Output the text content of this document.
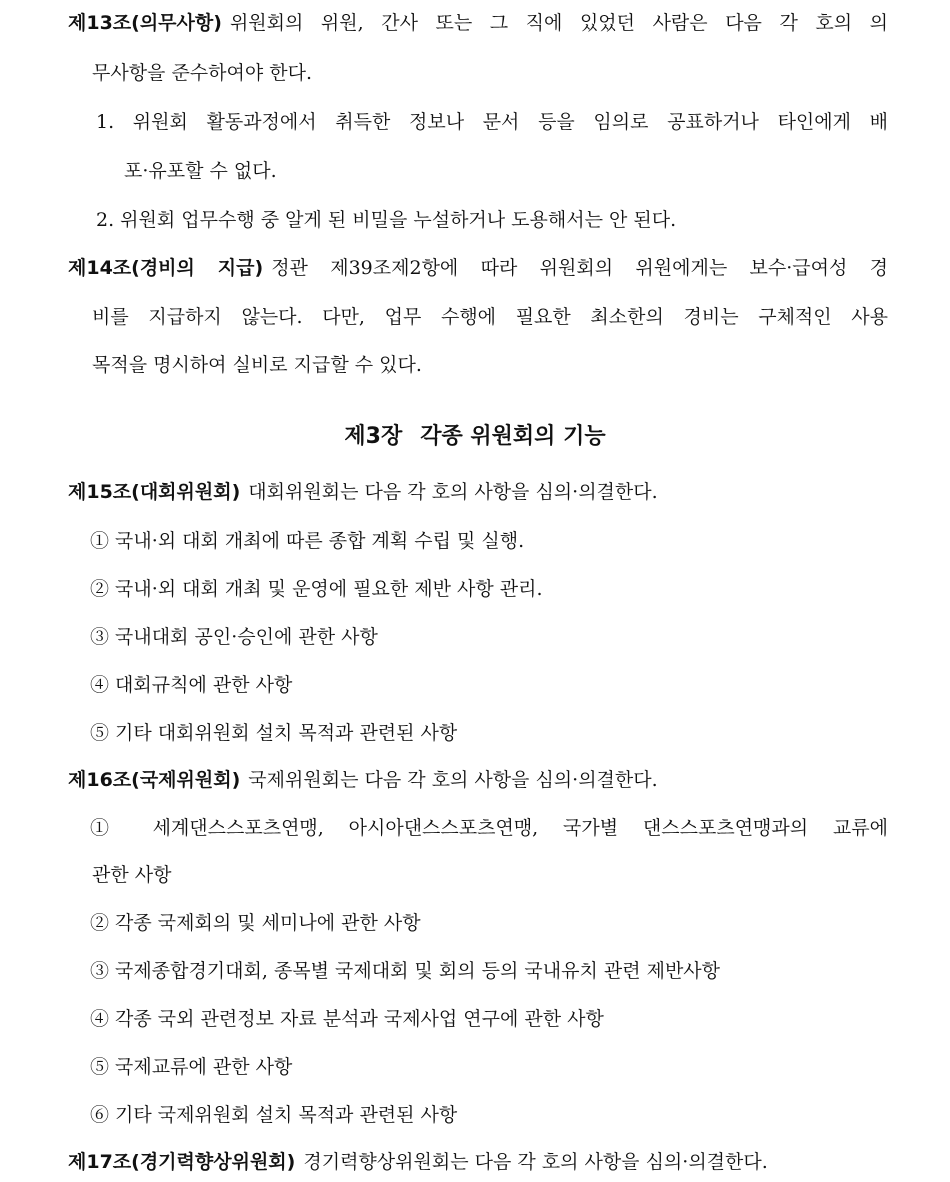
제13조(의무사항) 위원회의 위원, 간사 또는 그 직에 있었던 사람은 다음 각 호의 의
무사항을 준수하여야 한다.
1. 위원회 활동과정에서 취득한 정보나 문서 등을 임의로 공표하거나 타인에게 배
포·유포할 수 없다.
2. 위원회 업무수행 중 알게 된 비밀을 누설하거나 도용해서는 안 된다.
제14조(경비의 지급) 정관 제39조제2항에 따라 위원회의 위원에게는 보수·급여성 경
비를 지급하지 않는다. 다만, 업무 수행에 필요한 최소한의 경비는 구체적인 사용
목적을 명시하여 실비로 지급할 수 있다.
제3장 각종 위원회의 기능
제15조(대회위원회) 대회위원회는 다음 각 호의 사항을 심의·의결한다.
① 국내·외 대회 개최에 따른 종합 계획 수립 및 실행.
② 국내·외 대회 개최 및 운영에 필요한 제반 사항 관리.
③ 국내대회 공인·승인에 관한 사항
④ 대회규칙에 관한 사항
⑤ 기타 대회위원회 설치 목적과 관련된 사항
제16조(국제위원회) 국제위원회는 다음 각 호의 사항을 심의·의결한다.
① 세계댄스스포츠연맹, 아시아댄스스포츠연맹, 국가별 댄스스포츠연맹과의 교류에
관한 사항
② 각종 국제회의 및 세미나에 관한 사항
③ 국제종합경기대회, 종목별 국제대회 및 회의 등의 국내유치 관련 제반사항
④ 각종 국외 관련정보 자료 분석과 국제사업 연구에 관한 사항
⑤ 국제교류에 관한 사항
⑥ 기타 국제위원회 설치 목적과 관련된 사항
제17조(경기력향상위원회) 경기력향상위원회는 다음 각 호의 사항을 심의·의결한다.
